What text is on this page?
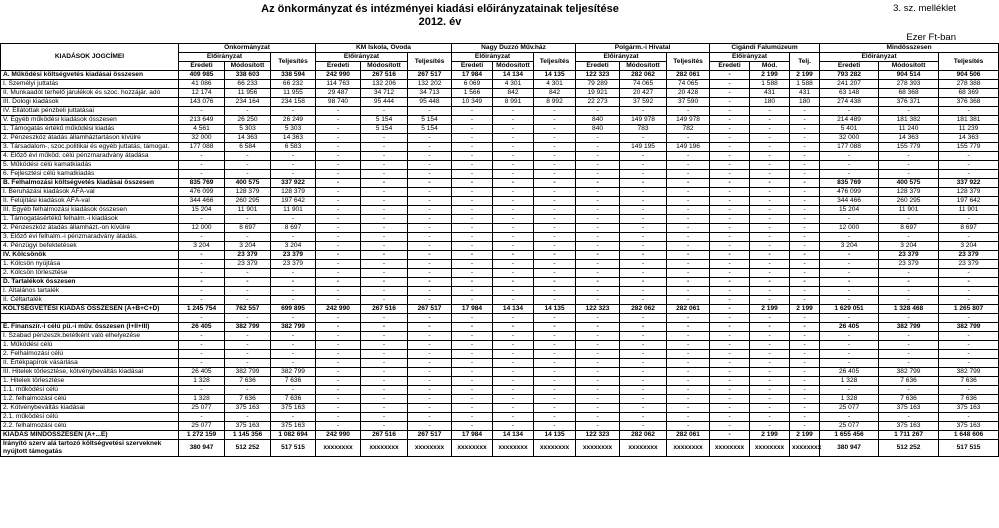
Az önkormányzat és intézményei kiadási előirányzatainak teljesítése
2012. év
3. sz. melléklet
Ezer Ft-ban
KIADÁSOK JOGCÍMEI	Önkormányzat			KM Iskola, Óvoda			Nagy Duzzó Műv.ház			Polgárm.-i Hivatal			Cigándi Falumúzeum			Mindösszesen		
	Előirányzat		Teljesítés	Előirányzat		Teljesítés	Előirányzat		Teljesítés	Előirányzat		Teljesítés	Előirányzat		Telj.	Előirányzat		Teljesítés
	Eredeti	Módosított		Eredeti	Módosított		Eredeti	Módosított		Eredeti	Módosított		Eredeti	Mód.		Eredeti	Módosított	
A. Működési költségvetés kiadásai összesen	409 985	338 603	338 594	242 990	267 516	267 517	17 984	14 134	14 135	122 323	282 062	282 061	-	2 199	2 199	793 282	904 514	904 506
I. Személyi juttatás	41 086	66 233	66 232	114 763	132 206	132 202	6 069	4 301	4 301	79 289	74 065	74 065	-	1 588	1 588	241 207	278 393	278 388
II. Munkaadót terhelő járulékok és szoc. hozzájár. adó	12 174	11 956	11 955	29 487	34 712	34 713	1 566	842	842	19 921	20 427	20 428	-	431	431	63 148	68 368	68 369
III. Dologi kiadások	143 076	234 164	234 158	98 740	95 444	95 448	10 349	8 991	8 992	22 273	37 592	37 590	-	180	180	274 438	376 371	376 368
IV. Ellátottak pénzbeli juttatásai	-	-	-	-	-	-	-	-	-	-	-	-	-	-	-	-	-	-
V. Egyéb működési kiadások összesen	213 649	26 250	26 249	-	5 154	5 154	-	-	-	840	149 978	149 978	-	-	-	214 489	181 382	181 381
1. Támogatás értékű működési kiadás	4 561	5 303	5 303	-	5 154	5 154	-	-	-	840	783	782	-	-	-	5 401	11 240	11 239
2. Pénzeszköz átadás államháztartáson kívülre	32 000	14 363	14 363	-	-	-	-	-	-	-	-	-	-	-	-	32 000	14 363	14 363
3. Társadalom-, szoc.politikai és egyéb juttatás, támogat.	177 088	6 584	6 583	-	-	-	-	-	-	-	149 195	149 196	-	-	-	177 088	155 779	155 779
4. Előző évi működ. célú pénzmaradvány átadása	-	-	-	-	-	-	-	-	-	-	-	-	-	-	-	-	-	-
5. Működési célú kamatkiadás	-	-	-	-	-	-	-	-	-	-	-	-	-	-	-	-	-	-
6. Fejlesztési célú kamatkiadás	-	-	-	-	-	-	-	-	-	-	-	-	-	-	-	-	-	-
B. Felhalmozási költségvetés kiadásai összesen	835 769	400 575	337 922	-	-	-	-	-	-	-	-	-	-	-	-	835 769	400 575	337 922
I. Beruházási kiadások ÁFÁ-val	476 099	128 379	128 379	-	-	-	-	-	-	-	-	-	-	-	-	476 099	128 379	128 379
II. Felújítási kiadások ÁFÁ-val	344 466	260 295	197 642	-	-	-	-	-	-	-	-	-	-	-	-	344 466	260 295	197 642
III. Egyéb felhalmozási kiadások összesen	15 204	11 901	11 901	-	-	-	-	-	-	-	-	-	-	-	-	15 204	11 901	11 901
1. Támogatásértékű felhalm.-i kiadások	-	-	-	-	-	-	-	-	-	-	-	-	-	-	-	-	-	-
2. Pénzeszköz átadás államházt.-on kívülre	12 000	8 697	8 697	-	-	-	-	-	-	-	-	-	-	-	-	12 000	8 697	8 697
3. Előző évi felhalm.-i pénzmaradvány átadás.	-	-	-	-	-	-	-	-	-	-	-	-	-	-	-	-	-	-
4. Pénzügyi befektetések	3 204	3 204	3 204	-	-	-	-	-	-	-	-	-	-	-	-	3 204	3 204	3 204
IV. Kölcsönök	-	23 379	23 379	-	-	-	-	-	-	-	-	-	-	-	-	-	23 379	23 379
1. Kölcsön nyújtása	-	23 379	23 379	-	-	-	-	-	-	-	-	-	-	-	-	-	23 379	23 379
2. Kölcsön törlesztése	-	-	-	-	-	-	-	-	-	-	-	-	-	-	-	-	-	-
D. Tartalékok összesen	-	-	-	-	-	-	-	-	-	-	-	-	-	-	-	-	-	-
I. Általános tartalék	-	-	-	-	-	-	-	-	-	-	-	-	-	-	-	-	-	-
II. Céltartalék	-	-	-	-	-	-	-	-	-	-	-	-	-	-	-	-	-	-
KÖLTSÉGVETÉSI KIADÁS ÖSSZESEN (A+B+C+D)	1 245 754	762 557	699 895	242 990	267 516	267 517	17 984	14 134	14 135	122 323	282 062	282 061	-	2 199	2 199	1 629 051	1 328 468	1 265 807
	-	-	-	-	-	-	-	-	-	-	-	-	-	-	-	-	-	-
E. Finanszír.-i célú pü.-i műv. összesen (I+II+III)	26 405	382 799	382 799	-	-	-	-	-	-	-	-	-	-	-	-	26 405	382 799	382 799
I. Szabad pénzeszk.betétként való elhelyezése	-	-	-	-	-	-	-	-	-	-	-	-	-	-	-	-	-	-
1. Működési célú	-	-	-	-	-	-	-	-	-	-	-	-	-	-	-	-	-	-
2. Felhalmozási célú	-	-	-	-	-	-	-	-	-	-	-	-	-	-	-	-	-	-
II. Értékpapírok vásárlása	-	-	-	-	-	-	-	-	-	-	-	-	-	-	-	-	-	-
III. Hitelek törlesztése, kötvénybeváltás kiadásai	26 405	382 799	382 799	-	-	-	-	-	-	-	-	-	-	-	-	26 405	382 799	382 799
1. Hitelek törlesztése	1 328	7 636	7 636	-	-	-	-	-	-	-	-	-	-	-	-	1 328	7 636	7 636
1.1. működési célú	-	-	-	-	-	-	-	-	-	-	-	-	-	-	-	-	-	-
1.2. felhalmozási célú	1 328	7 636	7 636	-	-	-	-	-	-	-	-	-	-	-	-	1 328	7 636	7 636
2. Kötvénybeváltás kiadásai	25 077	375 163	375 163	-	-	-	-	-	-	-	-	-	-	-	-	25 077	375 163	375 163
2.1. működési célú	-	-	-	-	-	-	-	-	-	-	-	-	-	-	-	-	-	-
2.2. felhalmozási célú	25 077	375 163	375 163	-	-	-	-	-	-	-	-	-	-	-	-	25 077	375 163	375 163
KIADÁS MINDÖSSZESEN (A+...E)	1 272 159	1 145 356	1 082 694	242 990	267 516	267 517	17 984	14 134	14 135	122 323	282 062	282 061	-	2 199	2 199	1 655 456	1 711 267	1 648 606
Irányító szerv alá tartozó költségvetési szerveknek nyújtott támogatás	380 947	512 252	517 515	xxxxxxxx	xxxxxxxx	xxxxxxxx	xxxxxxxx	xxxxxxxx	xxxxxxxx	xxxxxxxx	xxxxxxxx	xxxxxxxx	xxxxxxxx	xxxxxxxx	xxxxxxxx	380 947	512 252	517 515
